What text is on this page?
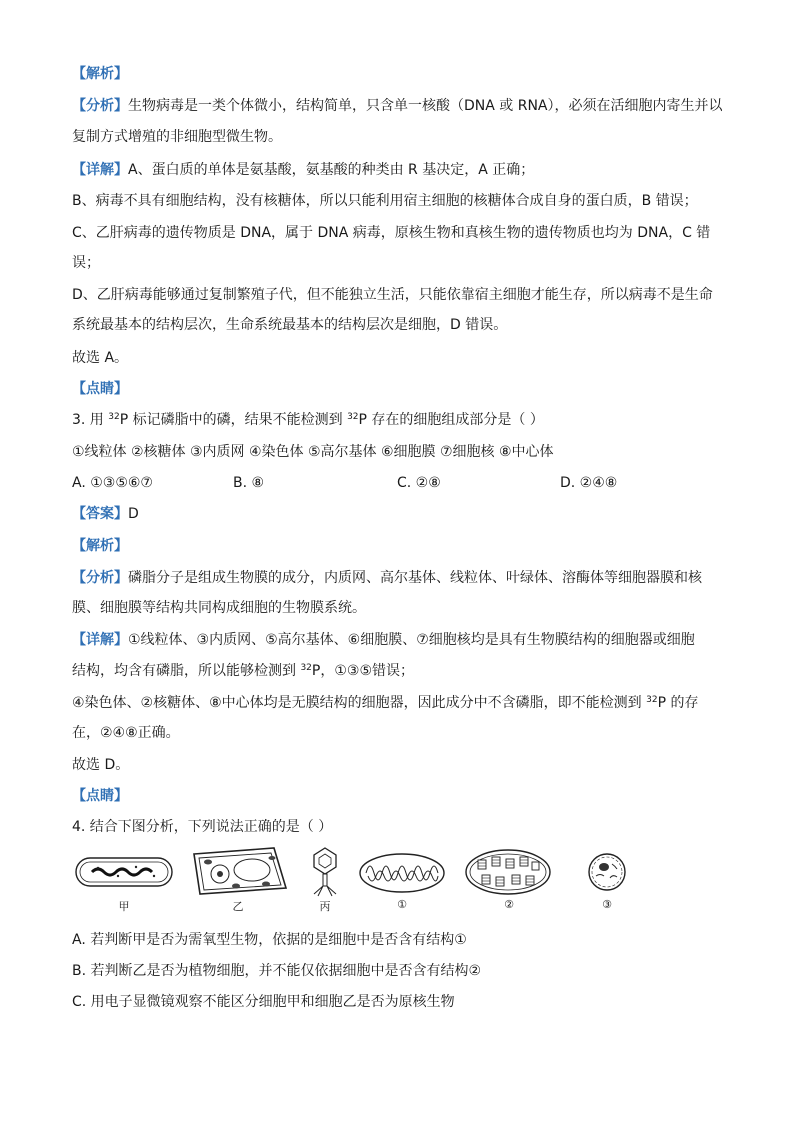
【解析】
【分析】生物病毒是一类个体微小，结构简单，只含单一核酸（DNA 或 RNA），必须在活细胞内寄生并以
复制方式增殖的非细胞型微生物。
【详解】A、蛋白质的单体是氨基酸，氨基酸的种类由 R 基决定，A 正确；
B、病毒不具有细胞结构，没有核糖体，所以只能利用宿主细胞的核糖体合成自身的蛋白质，B 错误；
C、乙肝病毒的遗传物质是 DNA，属于 DNA 病毒，原核生物和真核生物的遗传物质也均为 DNA，C 错
误；
D、乙肝病毒能够通过复制繁殖子代，但不能独立生活，只能依靠宿主细胞才能生存，所以病毒不是生命
系统最基本的结构层次，生命系统最基本的结构层次是细胞，D 错误。
故选 A。
【点睛】
3. 用 $^{32}$P 标记磷脂中的磷，结果不能检测到 $^{32}$P 存在的细胞组成部分是（ ）
①线粒体 ②核糖体 ③内质网 ④染色体 ⑤高尔基体 ⑥细胞膜 ⑦细胞核 ⑧中心体
A. ①③⑤⑥⑦	B. ⑧	C. ②⑧	D. ②④⑧
【答案】D
【解析】
【分析】磷脂分子是组成生物膜的成分，内质网、高尔基体、线粒体、叶绿体、溶酶体等细胞器膜和核
膜、细胞膜等结构共同构成细胞的生物膜系统。
【详解】①线粒体、③内质网、⑤高尔基体、⑥细胞膜、⑦细胞核均是具有生物膜结构的细胞器或细胞
结构，均含有磷脂，所以能够检测到 $^{32}$P，①③⑤错误；
④染色体、②核糖体、⑧中心体均是无膜结构的细胞器，因此成分中不含磷脂，即不能检测到 $^{32}$P 的存
在，②④⑧正确。
故选 D。
【点睛】
4. 结合下图分析，下列说法正确的是（ ）
甲	乙	丙	①	②	③
A. 若判断甲是否为需氧型生物，依据的是细胞中是否含有结构①
B. 若判断乙是否为植物细胞，并不能仅依据细胞中是否含有结构②
C. 用电子显微镜观察不能区分细胞甲和细胞乙是否为原核生物
